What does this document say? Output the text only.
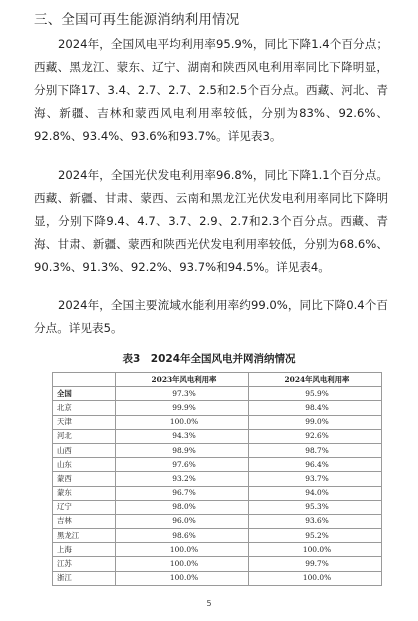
三、全国可再生能源消纳利用情况

2024年，全国风电平均利用率95.9%，同比下降1.4个百分点；西藏、黑龙江、蒙东、辽宁、湖南和陕西风电利用率同比下降明显，分别下降17、3.4、2.7、2.7、2.5和2.5个百分点。西藏、河北、青海、新疆、吉林和蒙西风电利用率较低，分别为83%、92.6%、92.8%、93.4%、93.6%和93.7%。详见表3。

2024年，全国光伏发电利用率96.8%，同比下降1.1个百分点。西藏、新疆、甘肃、蒙西、云南和黑龙江光伏发电利用率同比下降明显，分别下降9.4、4.7、3.7、2.9、2.7和2.3个百分点。西藏、青海、甘肃、新疆、蒙西和陕西光伏发电利用率较低，分别为68.6%、90.3%、91.3%、92.2%、93.7%和94.5%。详见表4。

2024年，全国主要流域水能利用率约99.0%，同比下降0.4个百分点。详见表5。

表3　2024年全国风电并网消纳情况
	2023年风电利用率	2024年风电利用率
全国	97.3%	95.9%
北京	99.9%	98.4%
天津	100.0%	99.0%
河北	94.3%	92.6%
山西	98.9%	98.7%
山东	97.6%	96.4%
蒙西	93.2%	93.7%
蒙东	96.7%	94.0%
辽宁	98.0%	95.3%
吉林	96.0%	93.6%
黑龙江	98.6%	95.2%
上海	100.0%	100.0%
江苏	100.0%	99.7%
浙江	100.0%	100.0%
5
